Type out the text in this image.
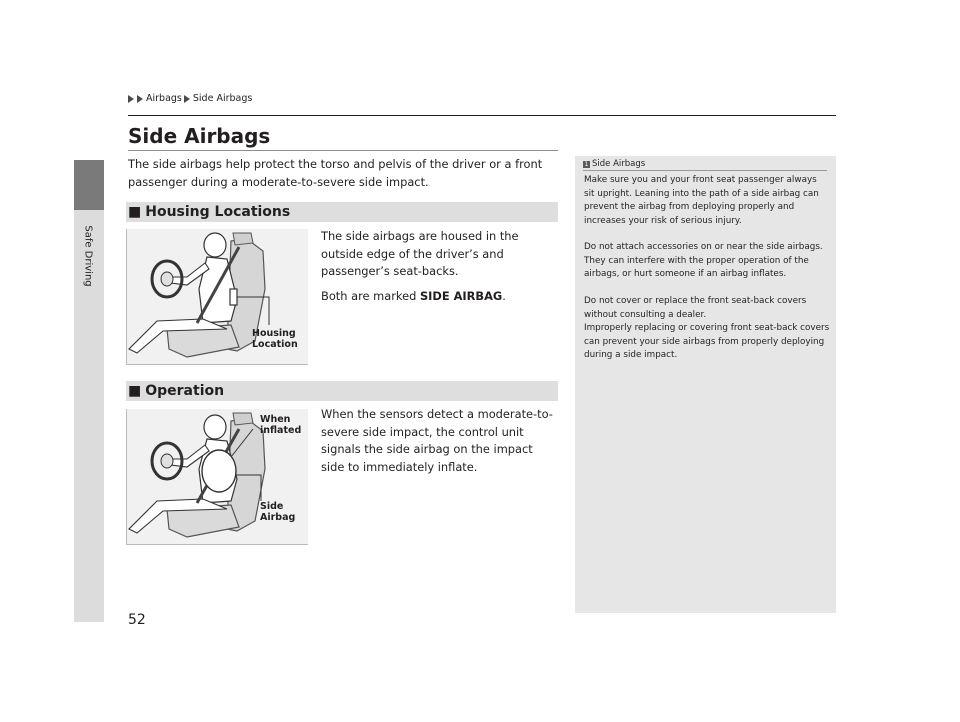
Safe Driving
Airbags Side Airbags
Side Airbags
The side airbags help protect the torso and pelvis of the driver or a front passenger during a moderate-to-severe side impact.
■ Housing Locations
Housing
Location
The side airbags are housed in the outside edge of the driver’s and passenger’s seat-backs.
Both are marked SIDE AIRBAG.
■ Operation
When
inflated
Side
Airbag
When the sensors detect a moderate-to-severe side impact, the control unit signals the side airbag on the impact side to immediately inflate.
1 Side Airbags

Make sure you and your front seat passenger always sit upright. Leaning into the path of a side airbag can prevent the airbag from deploying properly and increases your risk of serious injury.

Do not attach accessories on or near the side airbags. They can interfere with the proper operation of the airbags, or hurt someone if an airbag inflates.

Do not cover or replace the front seat-back covers without consulting a dealer.
Improperly replacing or covering front seat-back covers can prevent your side airbags from properly deploying during a side impact.
52
